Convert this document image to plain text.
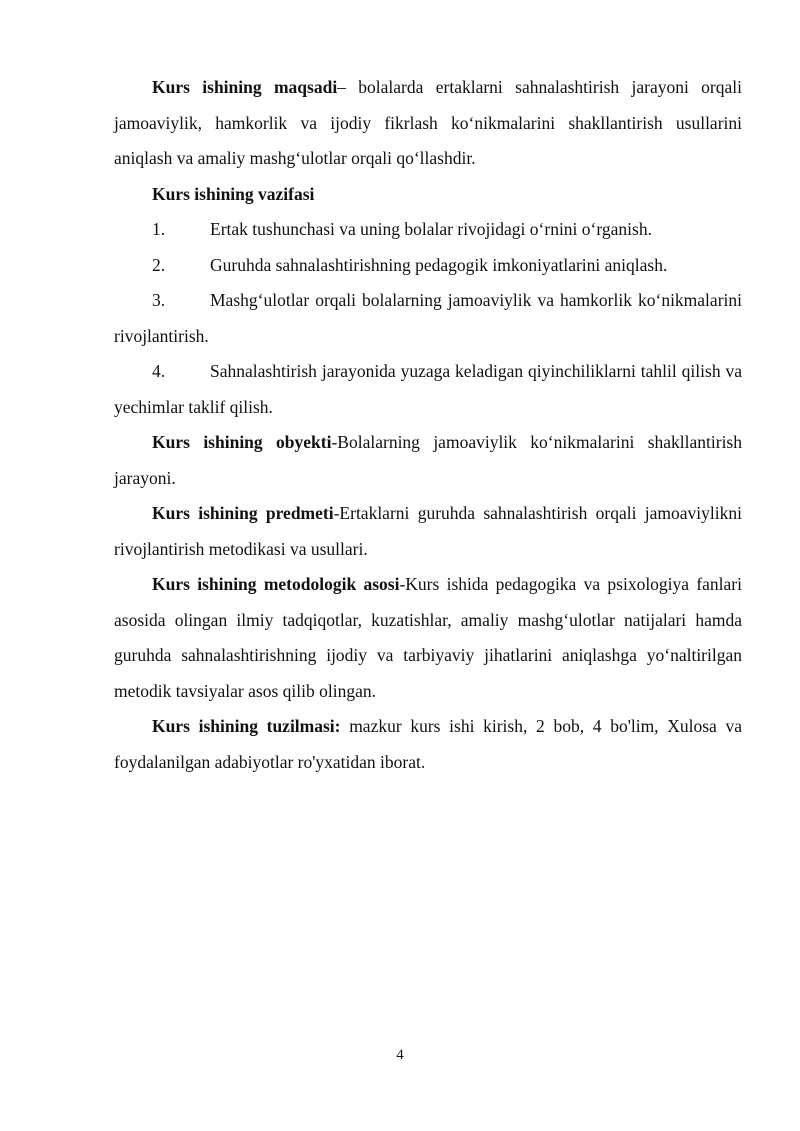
Kurs ishining maqsadi– bolalarda ertaklarni sahnalashtirish jarayoni orqali jamoaviylik, hamkorlik va ijodiy fikrlash ko‘nikmalarini shakllantirish usullarini aniqlash va amaliy mashg‘ulotlar orqali qo‘llashdir.

Kurs ishining vazifasi

1.	Ertak tushunchasi va uning bolalar rivojidagi o‘rnini o‘rganish.

2.	Guruhda sahnalashtirishning pedagogik imkoniyatlarini aniqlash.

3.	Mashg‘ulotlar orqali bolalarning jamoaviylik va hamkorlik ko‘nikmalarini rivojlantirish.

4.	Sahnalashtirish jarayonida yuzaga keladigan qiyinchiliklarni tahlil qilish va yechimlar taklif qilish.

Kurs ishining obyekti-Bolalarning jamoaviylik ko‘nikmalarini shakllantirish jarayoni.

Kurs ishining predmeti-Ertaklarni guruhda sahnalashtirish orqali jamoaviylikni rivojlantirish metodikasi va usullari.

Kurs ishining metodologik asosi-Kurs ishida pedagogika va psixologiya fanlari asosida olingan ilmiy tadqiqotlar, kuzatishlar, amaliy mashg‘ulotlar natijalari hamda guruhda sahnalashtirishning ijodiy va tarbiyaviy jihatlarini aniqlashga yo‘naltirilgan metodik tavsiyalar asos qilib olingan.

Kurs ishining tuzilmasi: mazkur kurs ishi kirish, 2 bob, 4 bo'lim, Xulosa va foydalanilgan adabiyotlar ro'yxatidan iborat.

4
